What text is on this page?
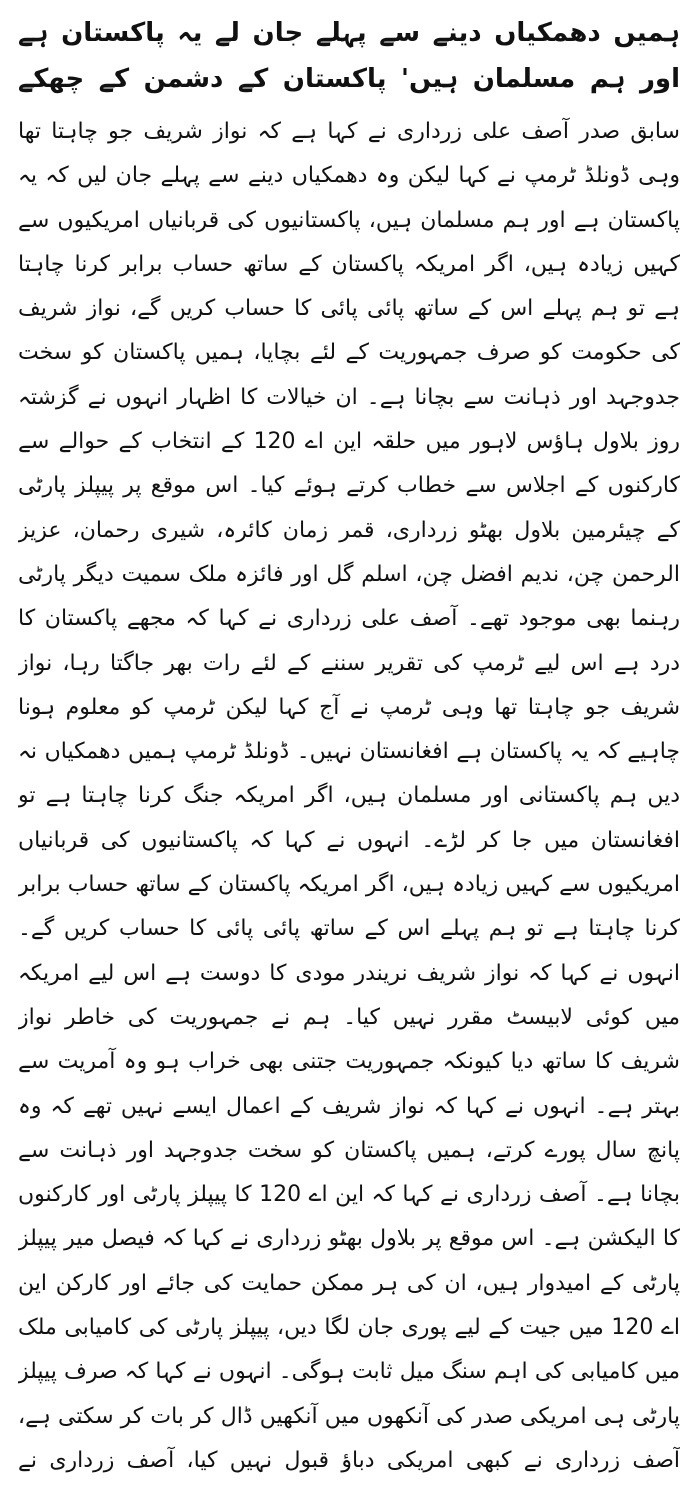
ہمیں دھمکیاں دینے سے پہلے جان لے یہ پاکستان ہے اور ہم مسلمان ہیں' پاکستان کے دشمن کے چھکے

سابق صدر آصف علی زرداری نے کہا ہے کہ نواز شریف جو چاہتا تھا وہی ڈونلڈ ٹرمپ نے کہا لیکن وہ دھمکیاں دینے سے پہلے جان لیں کہ یہ پاکستان ہے اور ہم مسلمان ہیں، پاکستانیوں کی قربانیاں امریکیوں سے کہیں زیادہ ہیں، اگر امریکہ پاکستان کے ساتھ حساب برابر کرنا چاہتا ہے تو ہم پہلے اس کے ساتھ پائی پائی کا حساب کریں گے، نواز شریف کی حکومت کو صرف جمہوریت کے لئے بچایا، ہمیں پاکستان کو سخت جدوجہد اور ذہانت سے بچانا ہے۔ ان خیالات کا اظہار انہوں نے گزشتہ روز بلاول ہاؤس لاہور میں حلقہ این اے 120 کے انتخاب کے حوالے سے کارکنوں کے اجلاس سے خطاب کرتے ہوئے کیا۔ اس موقع پر پیپلز پارٹی کے چیئرمین بلاول بھٹو زرداری، قمر زمان کائرہ، شیری رحمان، عزیز الرحمن چن، ندیم افضل چن، اسلم گل اور فائزہ ملک سمیت دیگر پارٹی رہنما بھی موجود تھے۔ آصف علی زرداری نے کہا کہ مجھے پاکستان کا درد ہے اس لیے ٹرمپ کی تقریر سننے کے لئے رات بھر جاگتا رہا، نواز شریف جو چاہتا تھا وہی ٹرمپ نے آج کہا لیکن ٹرمپ کو معلوم ہونا چاہیے کہ یہ پاکستان ہے افغانستان نہیں۔ ڈونلڈ ٹرمپ ہمیں دھمکیاں نہ دیں ہم پاکستانی اور مسلمان ہیں، اگر امریکہ جنگ کرنا چاہتا ہے تو افغانستان میں جا کر لڑے۔ انہوں نے کہا کہ پاکستانیوں کی قربانیاں امریکیوں سے کہیں زیادہ ہیں، اگر امریکہ پاکستان کے ساتھ حساب برابر کرنا چاہتا ہے تو ہم پہلے اس کے ساتھ پائی پائی کا حساب کریں گے۔ انہوں نے کہا کہ نواز شریف نریندر مودی کا دوست ہے اس لیے امریکہ میں کوئی لابیسٹ مقرر نہیں کیا۔ ہم نے جمہوریت کی خاطر نواز شریف کا ساتھ دیا کیونکہ جمہوریت جتنی بھی خراب ہو وہ آمریت سے بہتر ہے۔ انہوں نے کہا کہ نواز شریف کے اعمال ایسے نہیں تھے کہ وہ پانچ سال پورے کرتے، ہمیں پاکستان کو سخت جدوجہد اور ذہانت سے بچانا ہے۔ آصف زرداری نے کہا کہ این اے 120 کا پیپلز پارٹی اور کارکنوں کا الیکشن ہے۔ اس موقع پر بلاول بھٹو زرداری نے کہا کہ فیصل میر پیپلز پارٹی کے امیدوار ہیں، ان کی ہر ممکن حمایت کی جائے اور کارکن این اے 120 میں جیت کے لیے پوری جان لگا دیں، پیپلز پارٹی کی کامیابی ملک میں کامیابی کی اہم سنگ میل ثابت ہوگی۔ انہوں نے کہا کہ صرف پیپلز پارٹی ہی امریکی صدر کی آنکھوں میں آنکھیں ڈال کر بات کر سکتی ہے، آصف زرداری نے کبھی امریکی دباؤ قبول نہیں کیا، آصف زرداری نے
